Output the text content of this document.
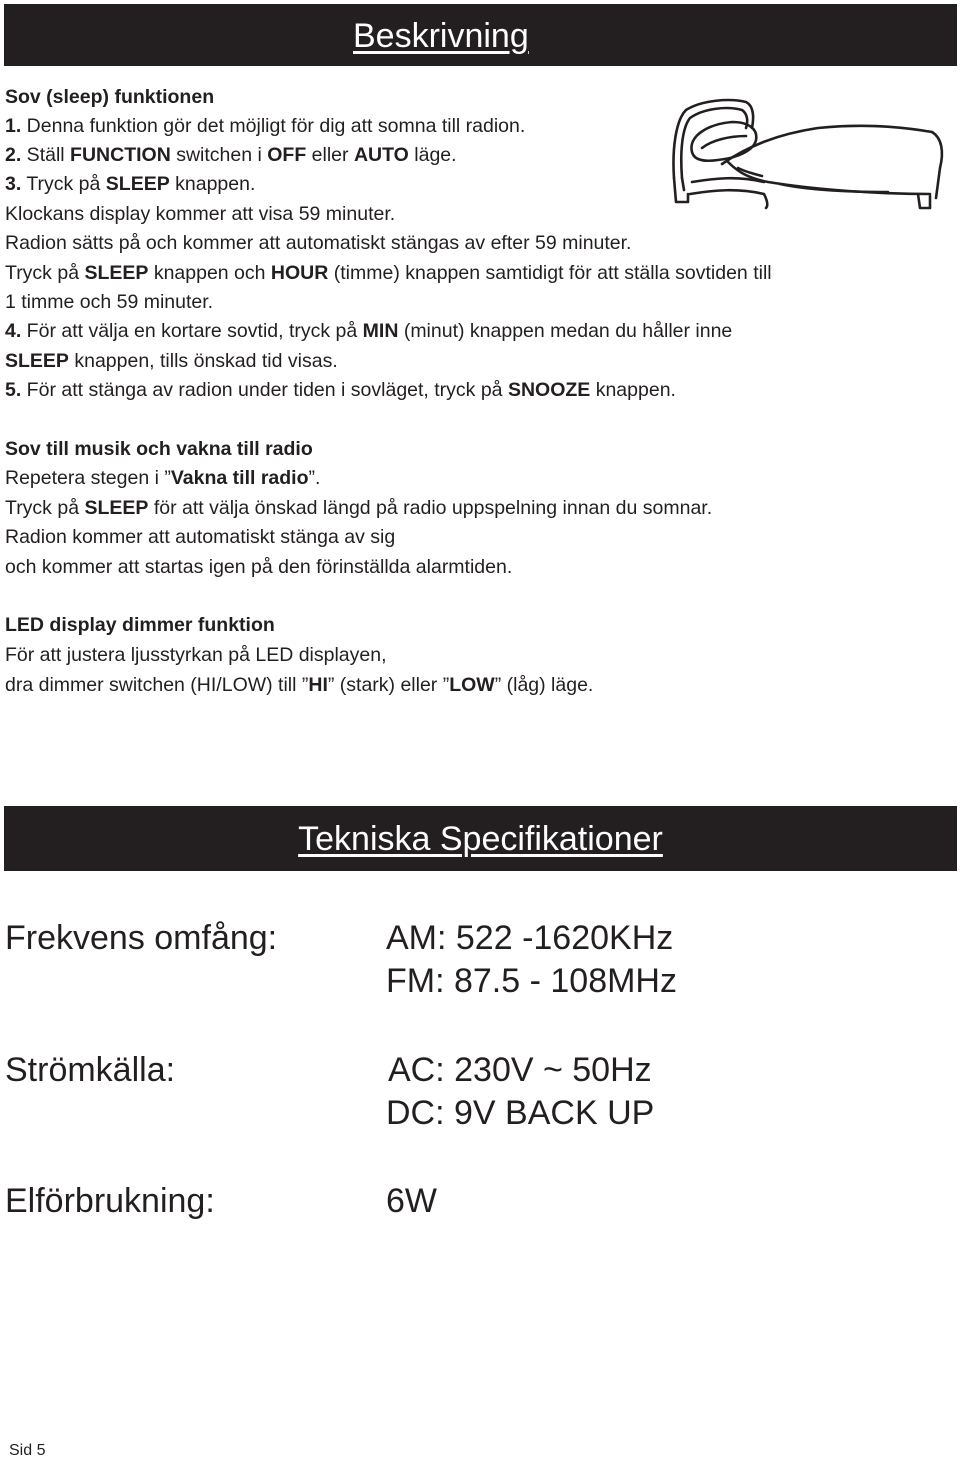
Beskrivning
Sov (sleep) funktionen
1. Denna funktion gör det möjligt för dig att somna till radion.
2. Ställ FUNCTION switchen i OFF eller AUTO läge.
3. Tryck på SLEEP knappen.
Klockans display kommer att visa 59 minuter.
Radion sätts på och kommer att automatiskt stängas av efter 59 minuter.
Tryck på SLEEP knappen och HOUR (timme) knappen samtidigt för att ställa sovtiden till
1 timme och 59 minuter.
4. För att välja en kortare sovtid, tryck på MIN (minut) knappen medan du håller inne
SLEEP knappen, tills önskad tid visas.
5. För att stänga av radion under tiden i sovläget, tryck på SNOOZE knappen.
Sov till musik och vakna till radio
Repetera stegen i ”Vakna till radio”.
Tryck på SLEEP för att välja önskad längd på radio uppspelning innan du somnar.
Radion kommer att automatiskt stänga av sig
och kommer att startas igen på den förinställda alarmtiden.
LED display dimmer funktion
För att justera ljusstyrkan på LED displayen,
dra dimmer switchen (HI/LOW) till ”HI” (stark) eller ”LOW” (låg) läge.
Tekniska Specifikationer
Frekvens omfång:	AM: 522 -1620KHz
FM: 87.5 - 108MHz
Strömkälla:	AC: 230V ~ 50Hz
DC: 9V BACK UP
Elförbrukning:	6W
Sid 5
